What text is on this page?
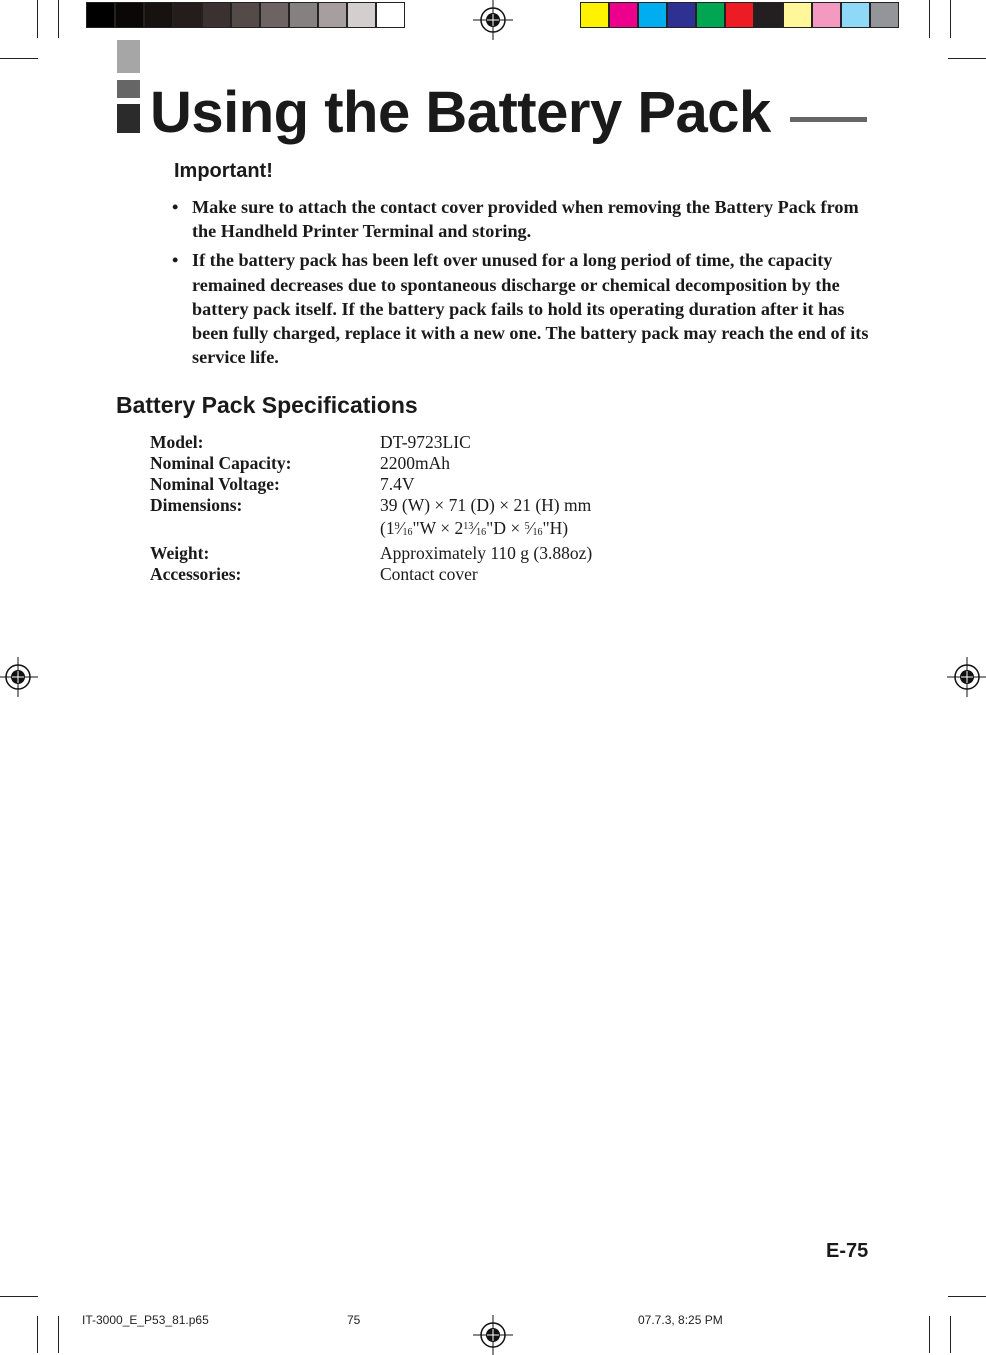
Using the Battery Pack
Important!
• Make sure to attach the contact cover provided when removing the Battery Pack from the Handheld Printer Terminal and storing.
• If the battery pack has been left over unused for a long period of time, the capacity remained decreases due to spontaneous discharge or chemical decomposition by the battery pack itself. If the battery pack fails to hold its operating duration after it has been fully charged, replace it with a new one. The battery pack may reach the end of its service life.
Battery Pack Specifications
Model:	DT-9723LIC
Nominal Capacity:	2200mAh
Nominal Voltage:	7.4V
Dimensions:	39 (W) × 71 (D) × 21 (H) mm
($1^9⁄_{16}"W$ × $2^{13}⁄_{16}"D$ × $^5⁄_{16}"H$)
Weight:	Approximately 110 g (3.88oz)
Accessories:	Contact cover
E-75
IT-3000_E_P53_81.p65	75	07.7.3, 8:25 PM
